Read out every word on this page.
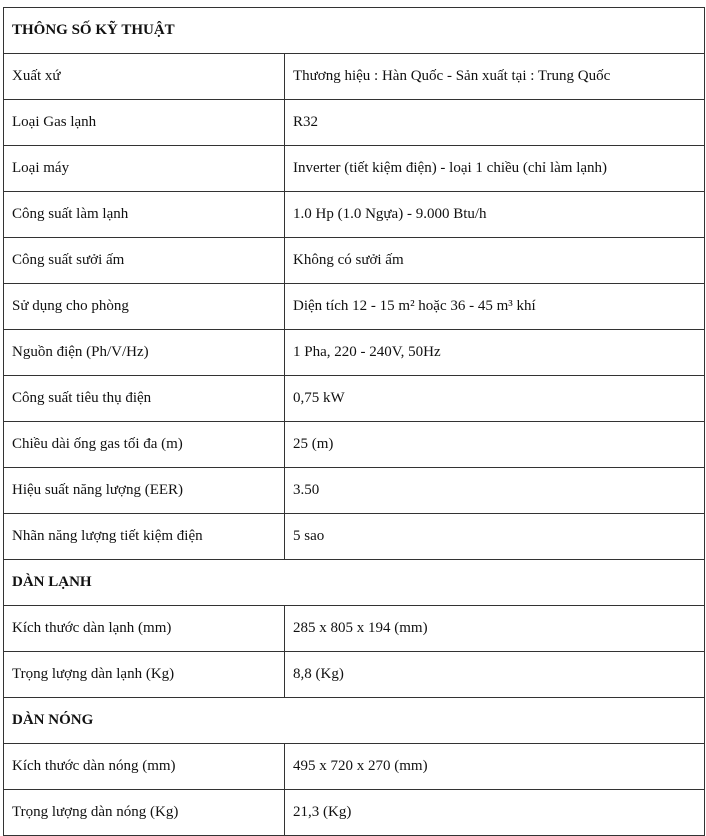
THÔNG SỐ KỸ THUẬT	
Xuất xứ	Thương hiệu : Hàn Quốc - Sản xuất tại : Trung Quốc
Loại Gas lạnh	R32
Loại máy	Inverter (tiết kiệm điện) - loại 1 chiều (chỉ làm lạnh)
Công suất làm lạnh	1.0 Hp (1.0 Ngựa) - 9.000 Btu/h
Công suất sưởi ấm	Không có sưởi ấm
Sử dụng cho phòng	Diện tích 12 - 15 m² hoặc 36 - 45 m³ khí
Nguồn điện (Ph/V/Hz)	1 Pha, 220 - 240V, 50Hz
Công suất tiêu thụ điện	0,75 kW
Chiều dài ống gas tối đa (m)	25 (m)
Hiệu suất năng lượng (EER)	3.50
Nhãn năng lượng tiết kiệm điện	5 sao
DÀN LẠNH	
Kích thước dàn lạnh (mm)	285 x 805 x 194 (mm)
Trọng lượng dàn lạnh (Kg)	8,8 (Kg)
DÀN NÓNG	
Kích thước dàn nóng (mm)	495 x 720 x 270 (mm)
Trọng lượng dàn nóng (Kg)	21,3 (Kg)
